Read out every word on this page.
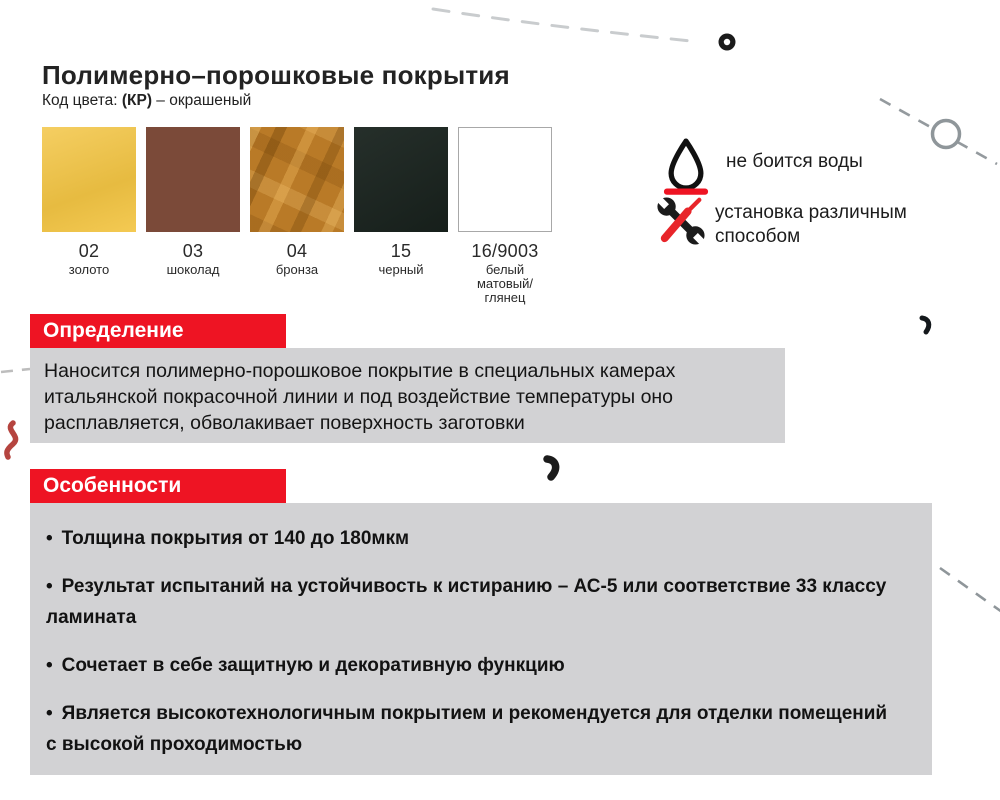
Полимерно–порошковые покрытия
Код цвета: (КР) – окрашеный
02
золото
03
шоколад
04
бронза
15
черный
16/9003
белый матовый/глянец
не боится воды
установка различным способом
Определение
Наносится полимерно-порошковое покрытие в специальных камерах итальянской покрасочной линии и под воздействие температуры оно расплавляется, обволакивает поверхность заготовки
Особенности
• Толщина покрытия от 140 до 180мкм
• Результат испытаний на устойчивость к истиранию – АС-5 или соответствие 33 классу ламината
• Сочетает в себе защитную и декоративную функцию
• Является высокотехнологичным покрытием и рекомендуется для отделки помещений с высокой проходимостью
